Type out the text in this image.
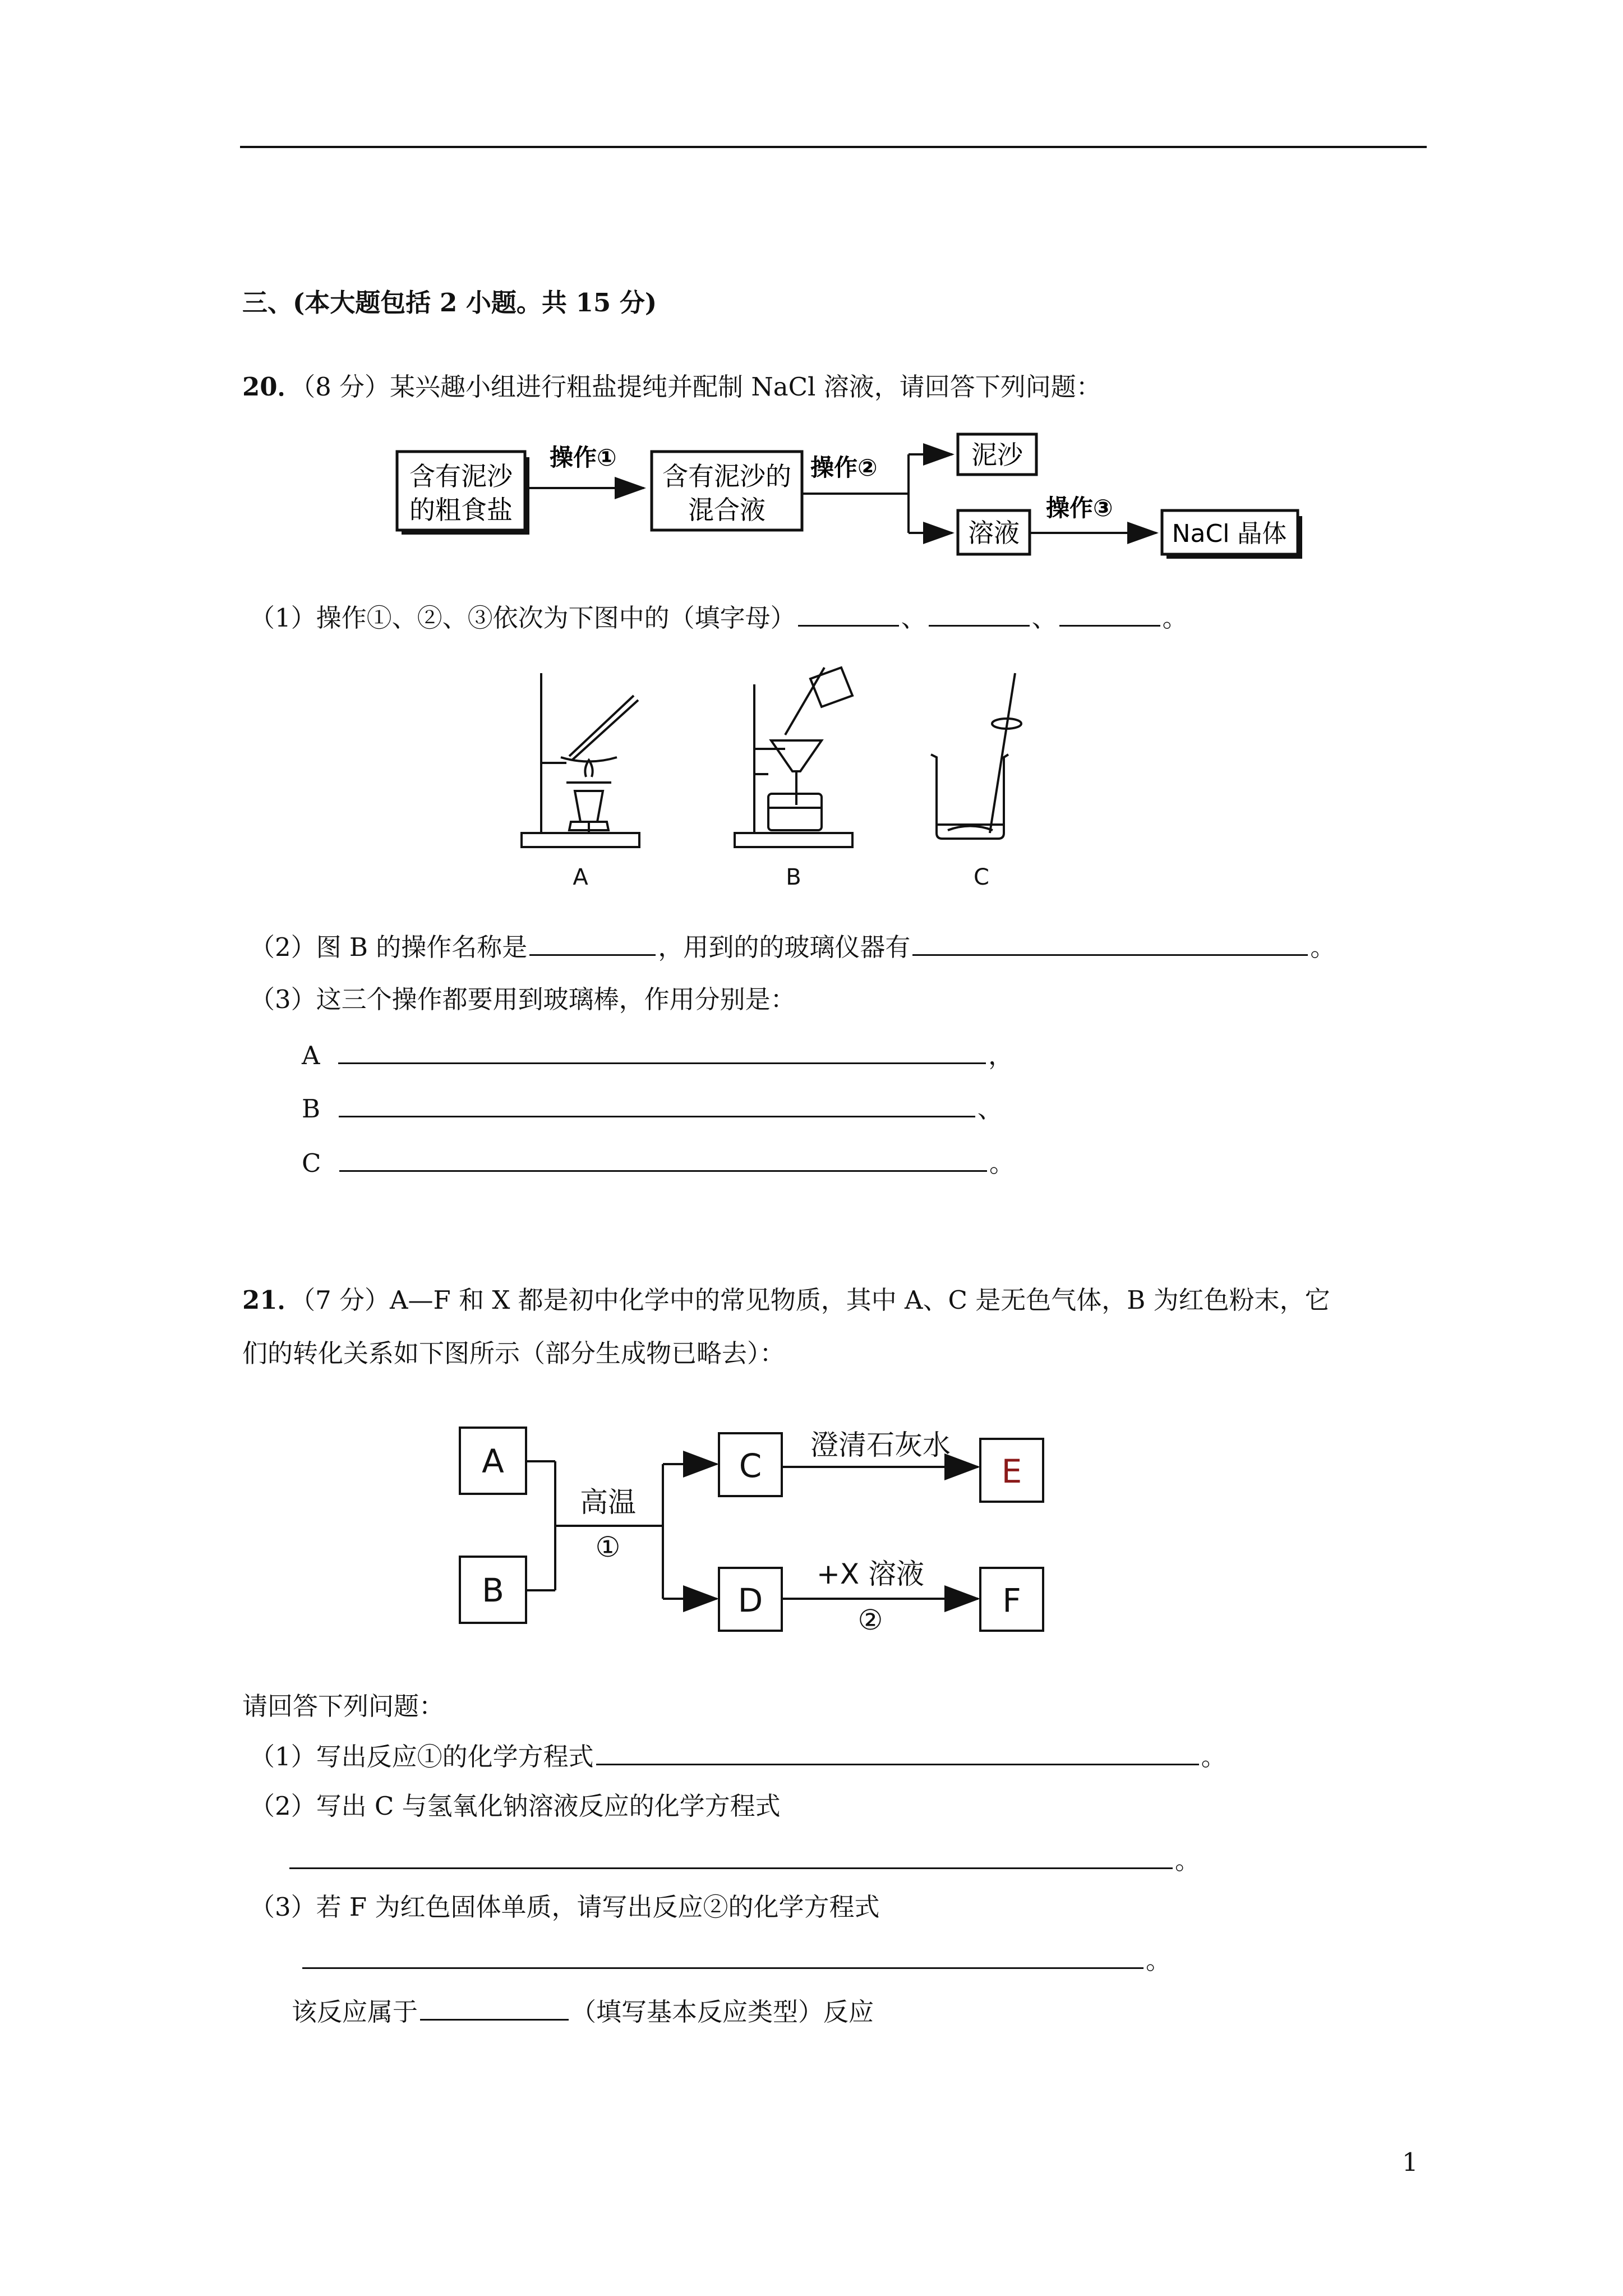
三、(本大题包括 2 小题。共 15 分)
20．（8 分）某兴趣小组进行粗盐提纯并配制 NaCl 溶液，请回答下列问题：
含有泥沙
的粗食盐
操作①
含有泥沙的
混合液
操作②	泥沙
溶液
操作③
NaCl 晶体
（1）操作①、②、③依次为下图中的（填字母）	、	、	。
A	B	C
（2）图 B 的操作名称是	，用到的的玻璃仪器有	。
（3）这三个操作都要用到玻璃棒，作用分别是：
A	，
B	、
C	。
21．（7 分）A—F 和 X 都是初中化学中的常见物质，其中 A、C 是无色气体，B 为红色粉末，它
们的转化关系如下图所示（部分生成物已略去）：
A
B
C
D
E
F
高温
①
澄清石灰水
+X 溶液
②
请回答下列问题：
（1）写出反应①的化学方程式	。
（2）写出 C 与氢氧化钠溶液反应的化学方程式
。
（3）若 F 为红色固体单质，请写出反应②的化学方程式
。
该反应属于	（填写基本反应类型）反应
1
